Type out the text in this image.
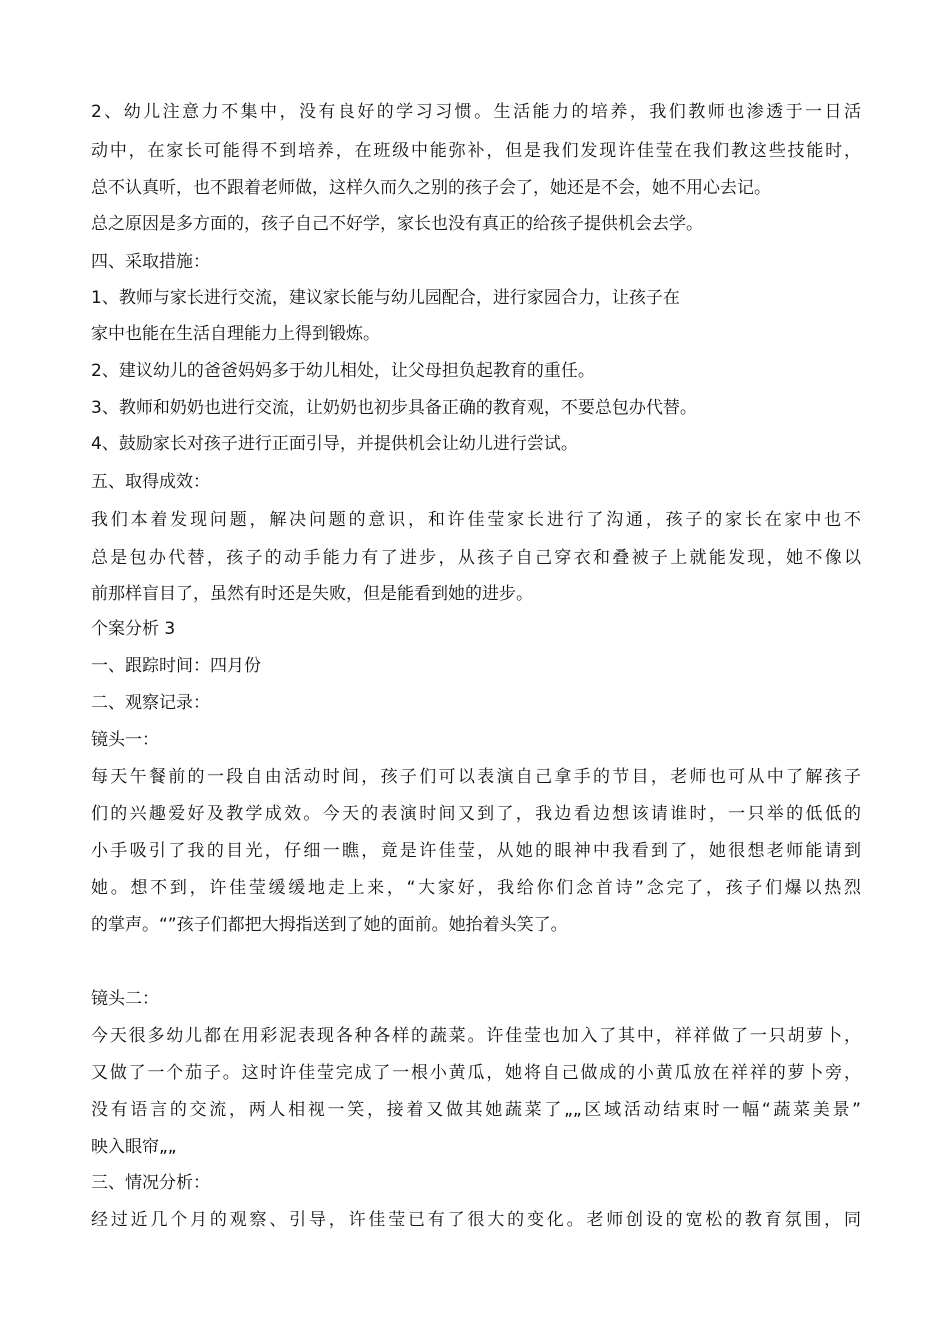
2、幼儿注意力不集中，没有良好的学习习惯。生活能力的培养，我们教师也渗透于一日活
动中，在家长可能得不到培养，在班级中能弥补，但是我们发现许佳莹在我们教这些技能时，
总不认真听，也不跟着老师做，这样久而久之别的孩子会了，她还是不会，她不用心去记。
总之原因是多方面的，孩子自己不好学，家长也没有真正的给孩子提供机会去学。
四、采取措施：
1、教师与家长进行交流，建议家长能与幼儿园配合，进行家园合力，让孩子在
家中也能在生活自理能力上得到锻炼。
2、建议幼儿的爸爸妈妈多于幼儿相处，让父母担负起教育的重任。
3、教师和奶奶也进行交流，让奶奶也初步具备正确的教育观，不要总包办代替。
4、鼓励家长对孩子进行正面引导，并提供机会让幼儿进行尝试。
五、取得成效：
我们本着发现问题，解决问题的意识，和许佳莹家长进行了沟通，孩子的家长在家中也不
总是包办代替，孩子的动手能力有了进步，从孩子自己穿衣和叠被子上就能发现，她不像以
前那样盲目了，虽然有时还是失败，但是能看到她的进步。
个案分析 3
一、跟踪时间：四月份
二、观察记录：
镜头一：
每天午餐前的一段自由活动时间，孩子们可以表演自己拿手的节目，老师也可从中了解孩子
们的兴趣爱好及教学成效。今天的表演时间又到了，我边看边想该请谁时，一只举的低低的
小手吸引了我的目光，仔细一瞧，竟是许佳莹，从她的眼神中我看到了，她很想老师能请到
她。想不到，许佳莹缓缓地走上来，“大家好，我给你们念首诗”念完了，孩子们爆以热烈
的掌声。“”孩子们都把大拇指送到了她的面前。她抬着头笑了。
镜头二：
今天很多幼儿都在用彩泥表现各种各样的蔬菜。许佳莹也加入了其中，祥祥做了一只胡萝卜，
又做了一个茄子。这时许佳莹完成了一根小黄瓜，她将自己做成的小黄瓜放在祥祥的萝卜旁，
没有语言的交流，两人相视一笑，接着又做其她蔬菜了„„区域活动结束时一幅“蔬菜美景”
映入眼帘„„
三、情况分析：
经过近几个月的观察、引导，许佳莹已有了很大的变化。老师创设的宽松的教育氛围，同
